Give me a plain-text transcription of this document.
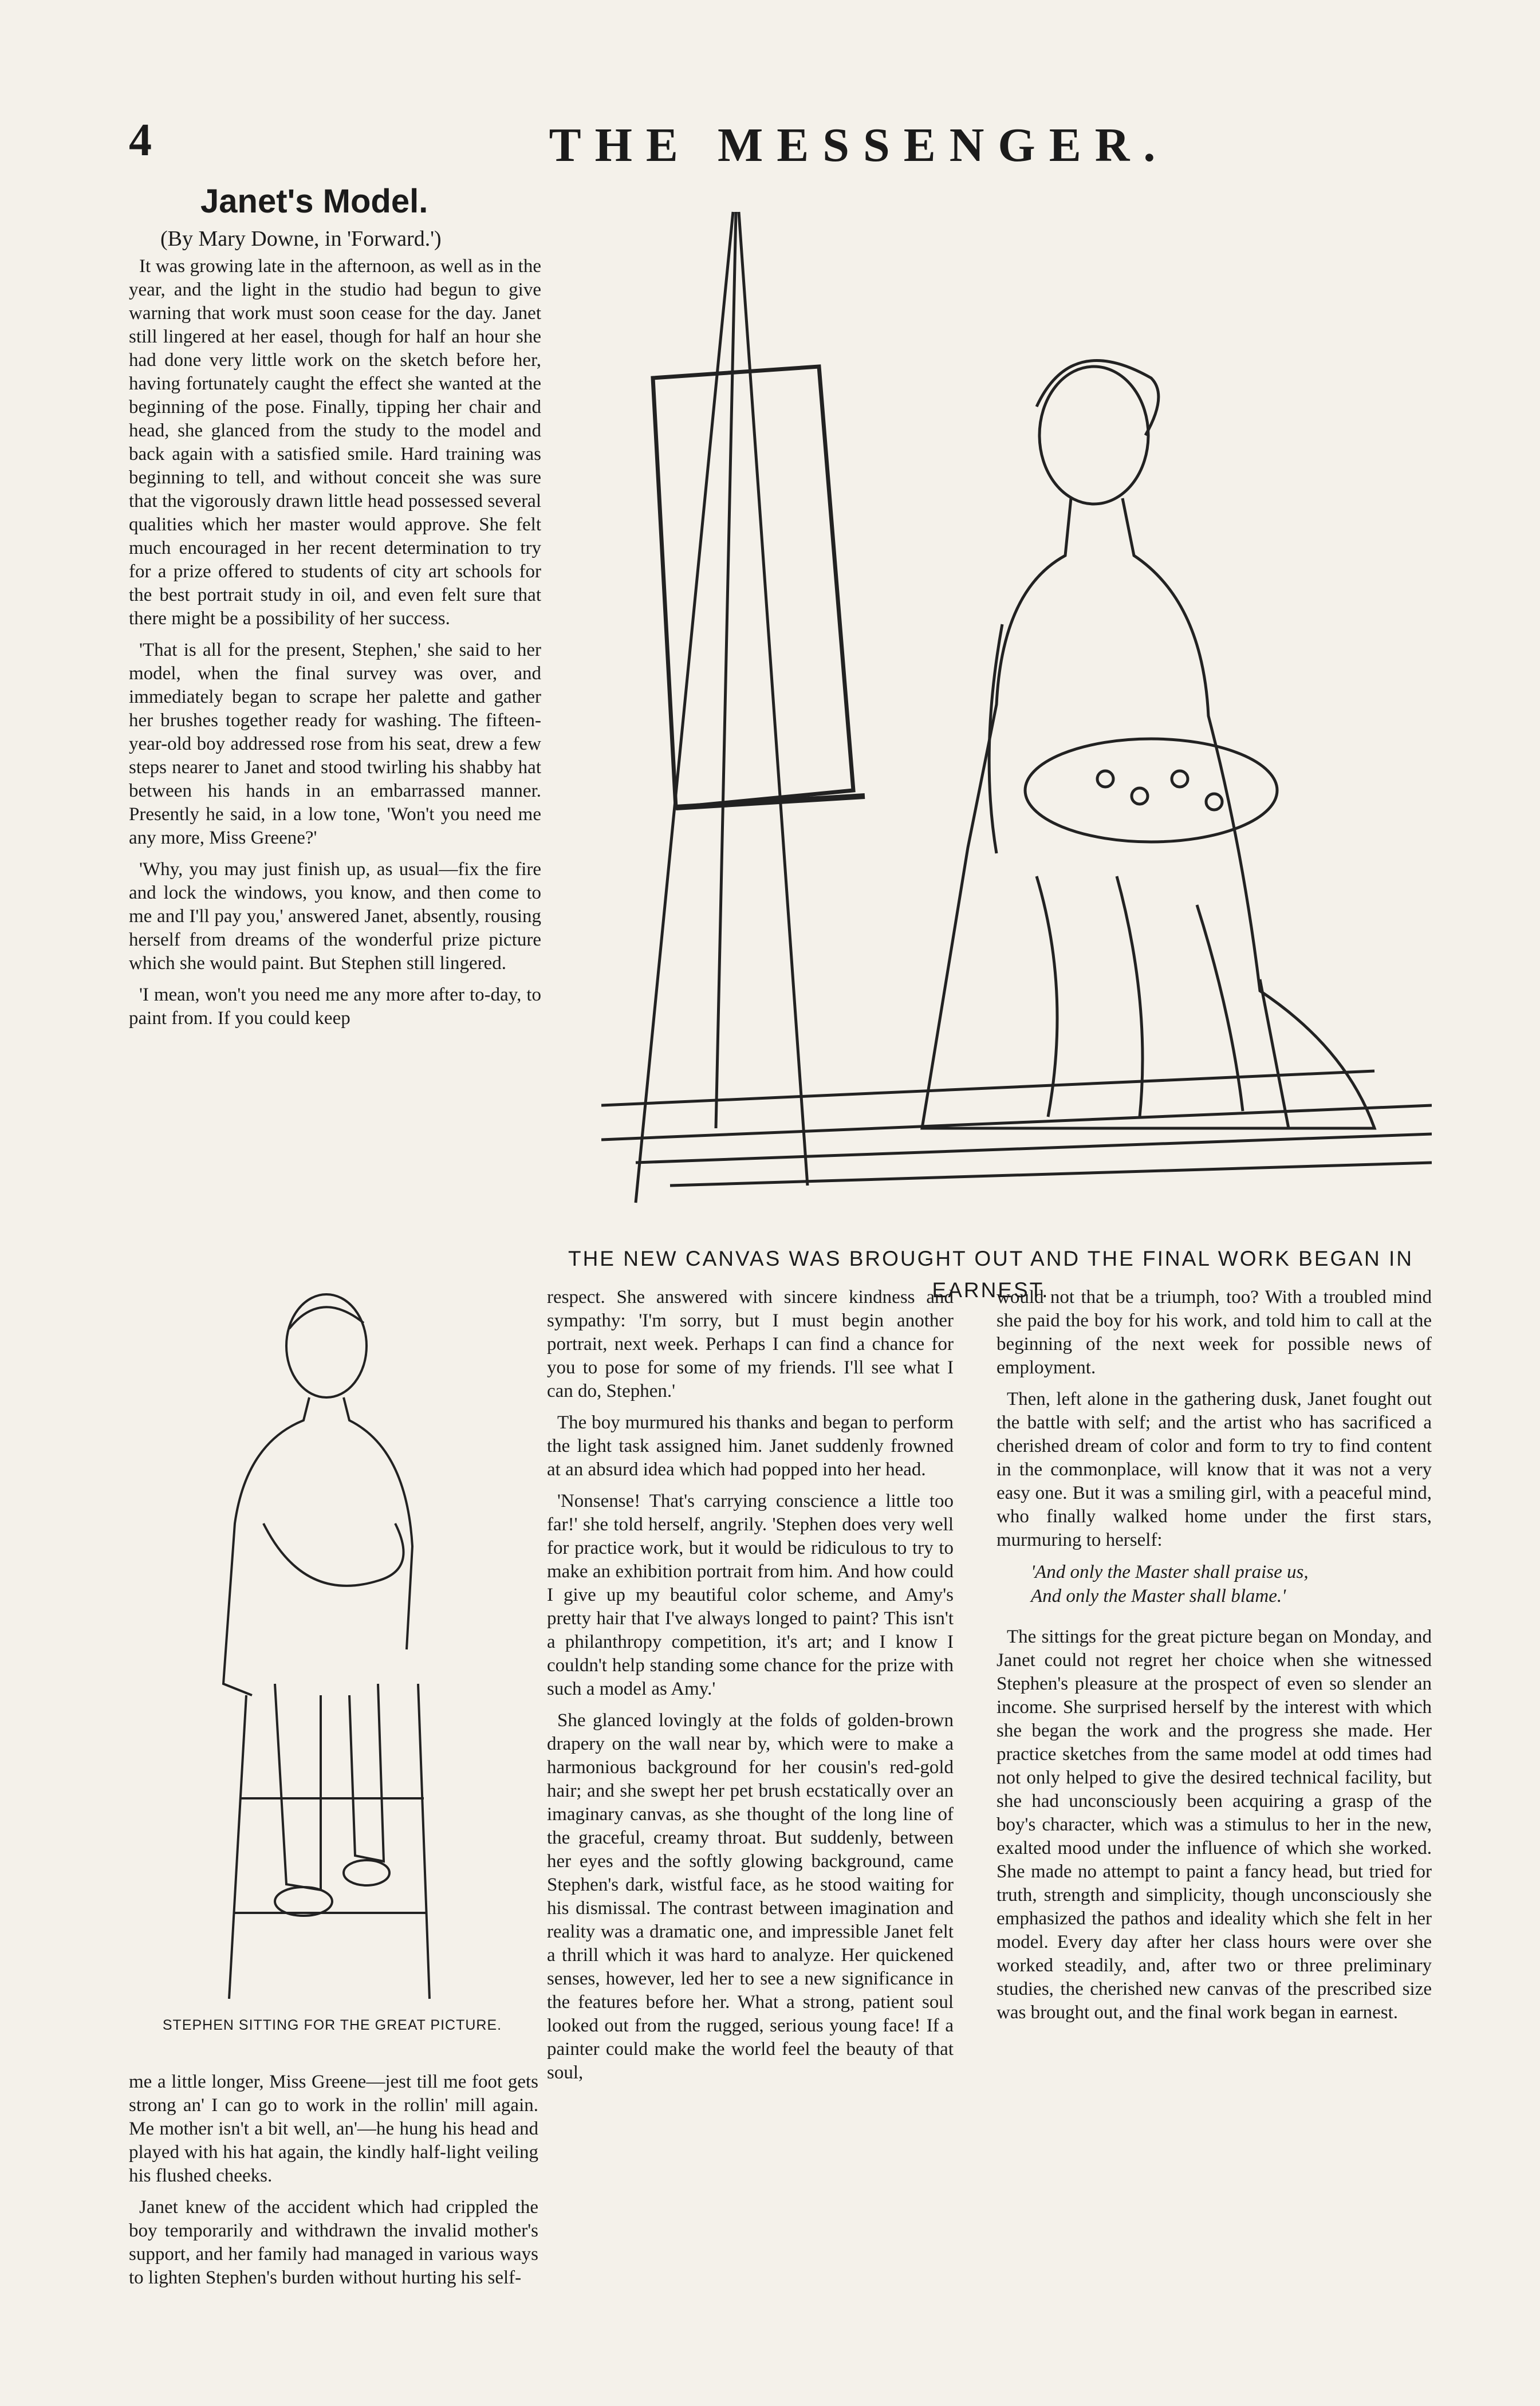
4	THE MESSENGER.
Janet's Model.
(By Mary Downe, in 'Forward.')

It was growing late in the afternoon, as well as in the year, and the light in the studio had begun to give warning that work must soon cease for the day. Janet still lingered at her easel, though for half an hour she had done very little work on the sketch before her, having fortunately caught the effect she wanted at the beginning of the pose. Finally, tipping her chair and head, she glanced from the study to the model and back again with a satisfied smile. Hard training was beginning to tell, and without conceit she was sure that the vigorously drawn little head possessed several qualities which her master would approve. She felt much encouraged in her recent determination to try for a prize offered to students of city art schools for the best portrait study in oil, and even felt sure that there might be a possibility of her success.

'That is all for the present, Stephen,' she said to her model, when the final survey was over, and immediately began to scrape her palette and gather her brushes together ready for washing. The fifteen-year-old boy addressed rose from his seat, drew a few steps nearer to Janet and stood twirling his shabby hat between his hands in an embarrassed manner. Presently he said, in a low tone, 'Won't you need me any more, Miss Greene?'

'Why, you may just finish up, as usual—fix the fire and lock the windows, you know, and then come to me and I'll pay you,' answered Janet, absently, rousing herself from dreams of the wonderful prize picture which she would paint. But Stephen still lingered.

'I mean, won't you need me any more after to-day, to paint from. If you could keep

THE NEW CANVAS WAS BROUGHT OUT AND THE FINAL WORK BEGAN IN EARNEST.
STEPHEN SITTING FOR THE GREAT PICTURE.

me a little longer, Miss Greene—jest till me foot gets strong an' I can go to work in the rollin' mill again. Me mother isn't a bit well, an'—he hung his head and played with his hat again, the kindly half-light veiling his flushed cheeks.

Janet knew of the accident which had crippled the boy temporarily and withdrawn the invalid mother's support, and her family had managed in various ways to lighten Stephen's burden without hurting his self-

respect. She answered with sincere kindness and sympathy: 'I'm sorry, but I must begin another portrait, next week. Perhaps I can find a chance for you to pose for some of my friends. I'll see what I can do, Stephen.'

The boy murmured his thanks and began to perform the light task assigned him. Janet suddenly frowned at an absurd idea which had popped into her head.

'Nonsense! That's carrying conscience a little too far!' she told herself, angrily. 'Stephen does very well for practice work, but it would be ridiculous to try to make an exhibition portrait from him. And how could I give up my beautiful color scheme, and Amy's pretty hair that I've always longed to paint? This isn't a philanthropy competition, it's art; and I know I couldn't help standing some chance for the prize with such a model as Amy.'

She glanced lovingly at the folds of golden-brown drapery on the wall near by, which were to make a harmonious background for her cousin's red-gold hair; and she swept her pet brush ecstatically over an imaginary canvas, as she thought of the long line of the graceful, creamy throat. But suddenly, between her eyes and the softly glowing background, came Stephen's dark, wistful face, as he stood waiting for his dismissal. The contrast between imagination and reality was a dramatic one, and impressible Janet felt a thrill which it was hard to analyze. Her quickened senses, however, led her to see a new significance in the features before her. What a strong, patient soul looked out from the rugged, serious young face! If a painter could make the world feel the beauty of that soul,

would not that be a triumph, too? With a troubled mind she paid the boy for his work, and told him to call at the beginning of the next week for possible news of employment.

Then, left alone in the gathering dusk, Janet fought out the battle with self; and the artist who has sacrificed a cherished dream of color and form to try to find content in the commonplace, will know that it was not a very easy one. But it was a smiling girl, with a peaceful mind, who finally walked home under the first stars, murmuring to herself:

'And only the Master shall praise us,
And only the Master shall blame.'

The sittings for the great picture began on Monday, and Janet could not regret her choice when she witnessed Stephen's pleasure at the prospect of even so slender an income. She surprised herself by the interest with which she began the work and the progress she made. Her practice sketches from the same model at odd times had not only helped to give the desired technical facility, but she had unconsciously been acquiring a grasp of the boy's character, which was a stimulus to her in the new, exalted mood under the influence of which she worked. She made no attempt to paint a fancy head, but tried for truth, strength and simplicity, though unconsciously she emphasized the pathos and ideality which she felt in her model. Every day after her class hours were over she worked steadily, and, after two or three preliminary studies, the cherished new canvas of the prescribed size was brought out, and the final work began in earnest.
